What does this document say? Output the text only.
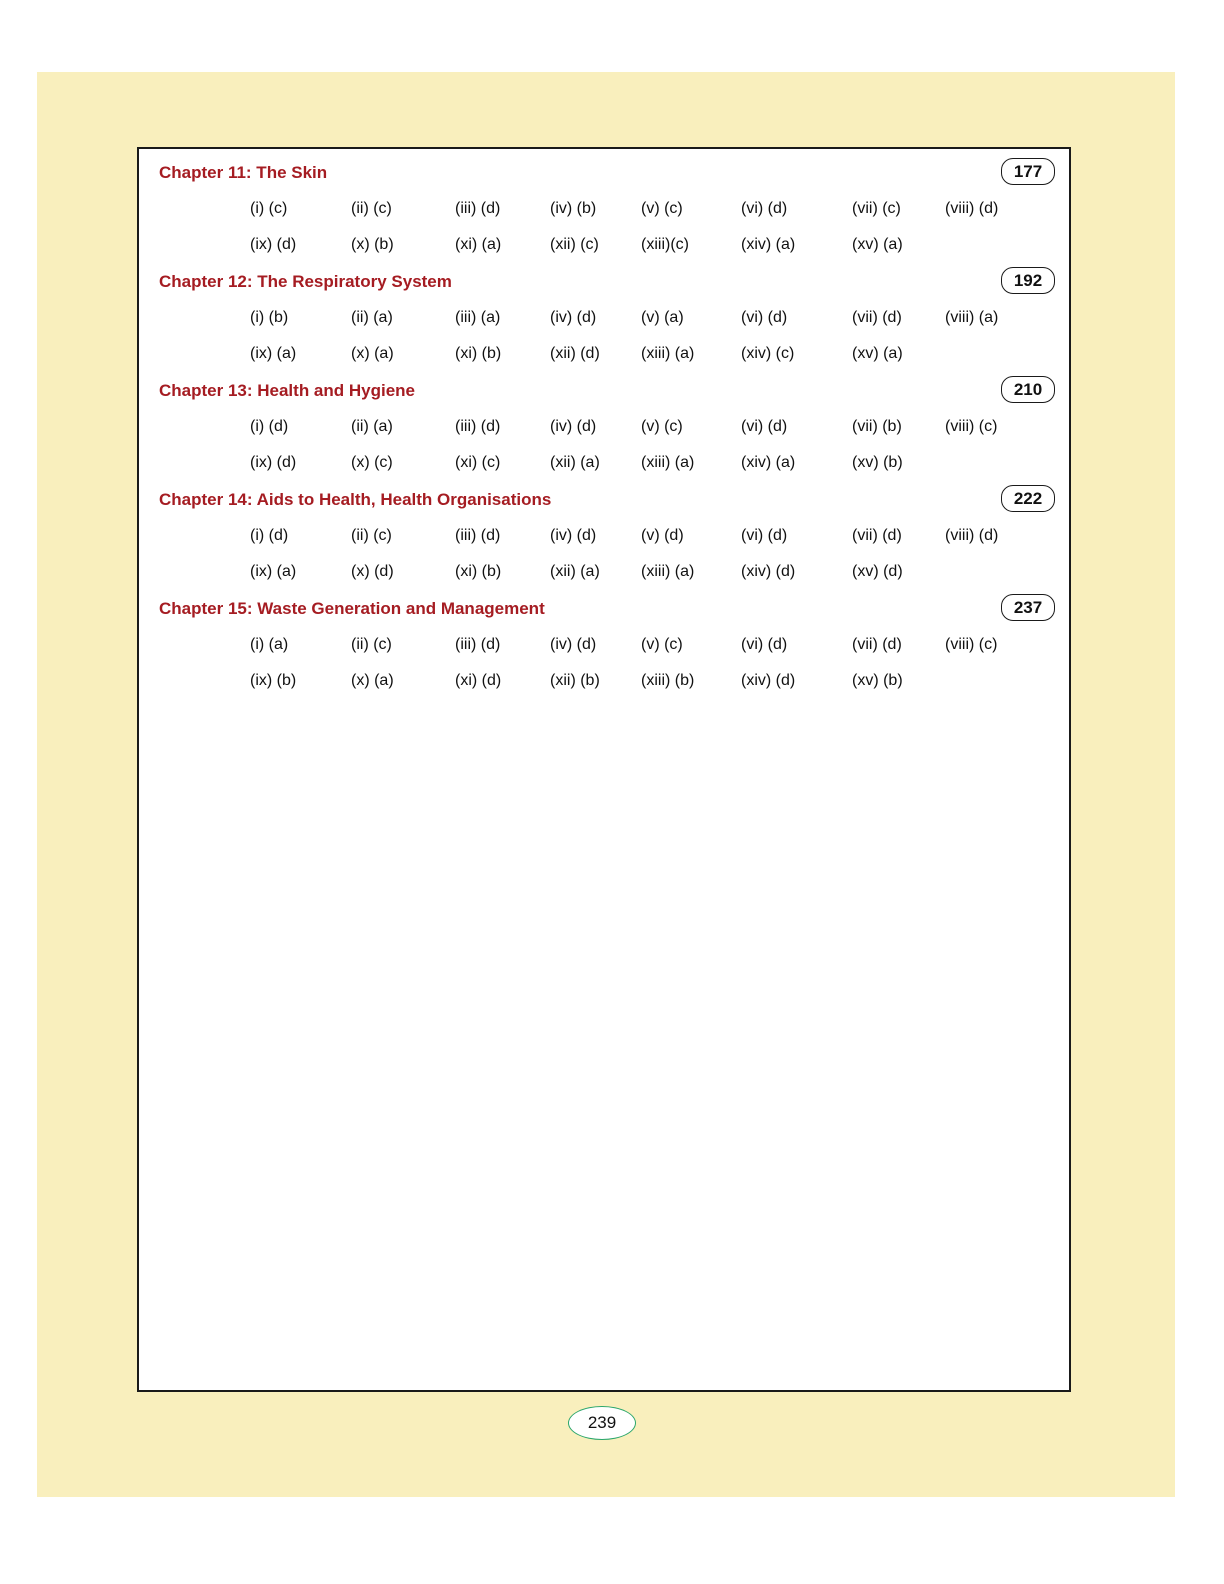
Chapter 11: The Skin	177
(i) (c)	(ii) (c)	(iii) (d)	(iv) (b)	(v) (c)	(vi) (d)	(vii) (c)	(viii) (d)
(ix) (d)	(x) (b)	(xi) (a)	(xii) (c)	(xiii)(c)	(xiv) (a)	(xv) (a)
Chapter 12: The Respiratory System	192
(i) (b)	(ii) (a)	(iii) (a)	(iv) (d)	(v) (a)	(vi) (d)	(vii) (d)	(viii) (a)
(ix) (a)	(x) (a)	(xi) (b)	(xii) (d)	(xiii) (a)	(xiv) (c)	(xv) (a)
Chapter 13: Health and Hygiene	210
(i) (d)	(ii) (a)	(iii) (d)	(iv) (d)	(v) (c)	(vi) (d)	(vii) (b)	(viii) (c)
(ix) (d)	(x) (c)	(xi) (c)	(xii) (a)	(xiii) (a)	(xiv) (a)	(xv) (b)
Chapter 14: Aids to Health, Health Organisations	222
(i) (d)	(ii) (c)	(iii) (d)	(iv) (d)	(v) (d)	(vi) (d)	(vii) (d)	(viii) (d)
(ix) (a)	(x) (d)	(xi) (b)	(xii) (a)	(xiii) (a)	(xiv) (d)	(xv) (d)
Chapter 15: Waste Generation and Management	237
(i) (a)	(ii) (c)	(iii) (d)	(iv) (d)	(v) (c)	(vi) (d)	(vii) (d)	(viii) (c)
(ix) (b)	(x) (a)	(xi) (d)	(xii) (b)	(xiii) (b)	(xiv) (d)	(xv) (b)
239
